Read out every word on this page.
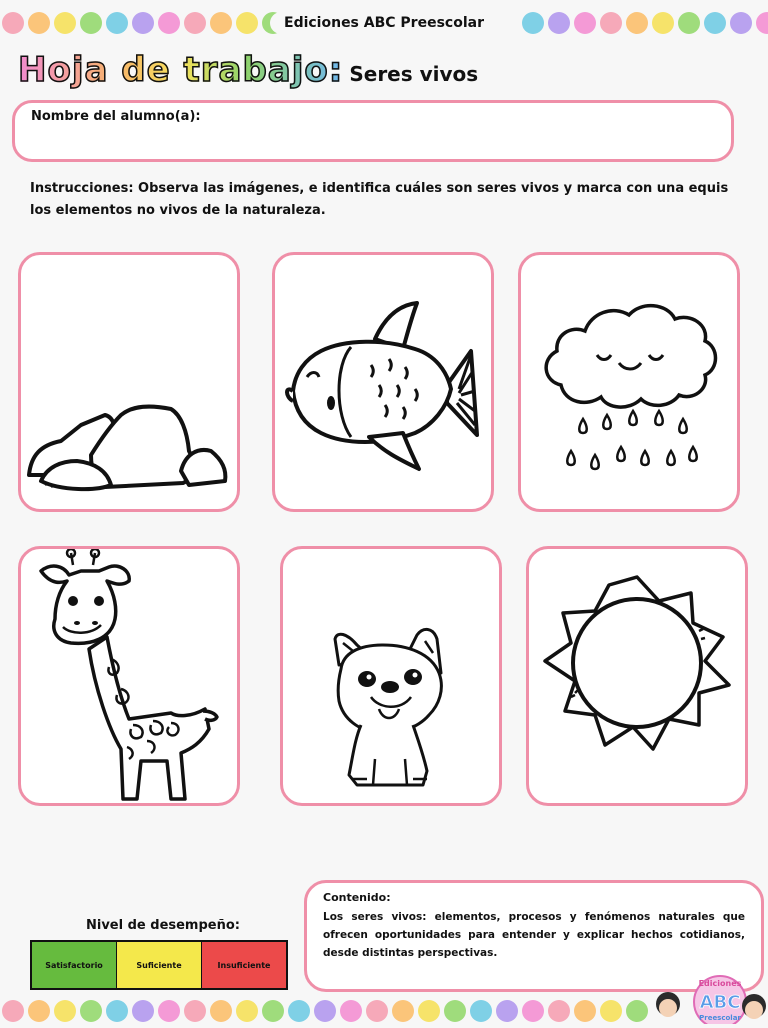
Ediciones ABC Preescolar
Hoja de trabajo: Seres vivos
Nombre del alumno(a):
Instrucciones: Observa las imágenes, e identifica cuáles son seres vivos y marca con una equis
los elementos no vivos de la naturaleza.
Nivel de desempeño:
Satisfactorio	Suficiente	Insuficiente
Contenido:
Los seres vivos: elementos, procesos y fenómenos naturales que ofrecen oportunidades para entender y explicar hechos cotidianos, desde distintas perspectivas.
ABC
Ediciones
Preescolar
